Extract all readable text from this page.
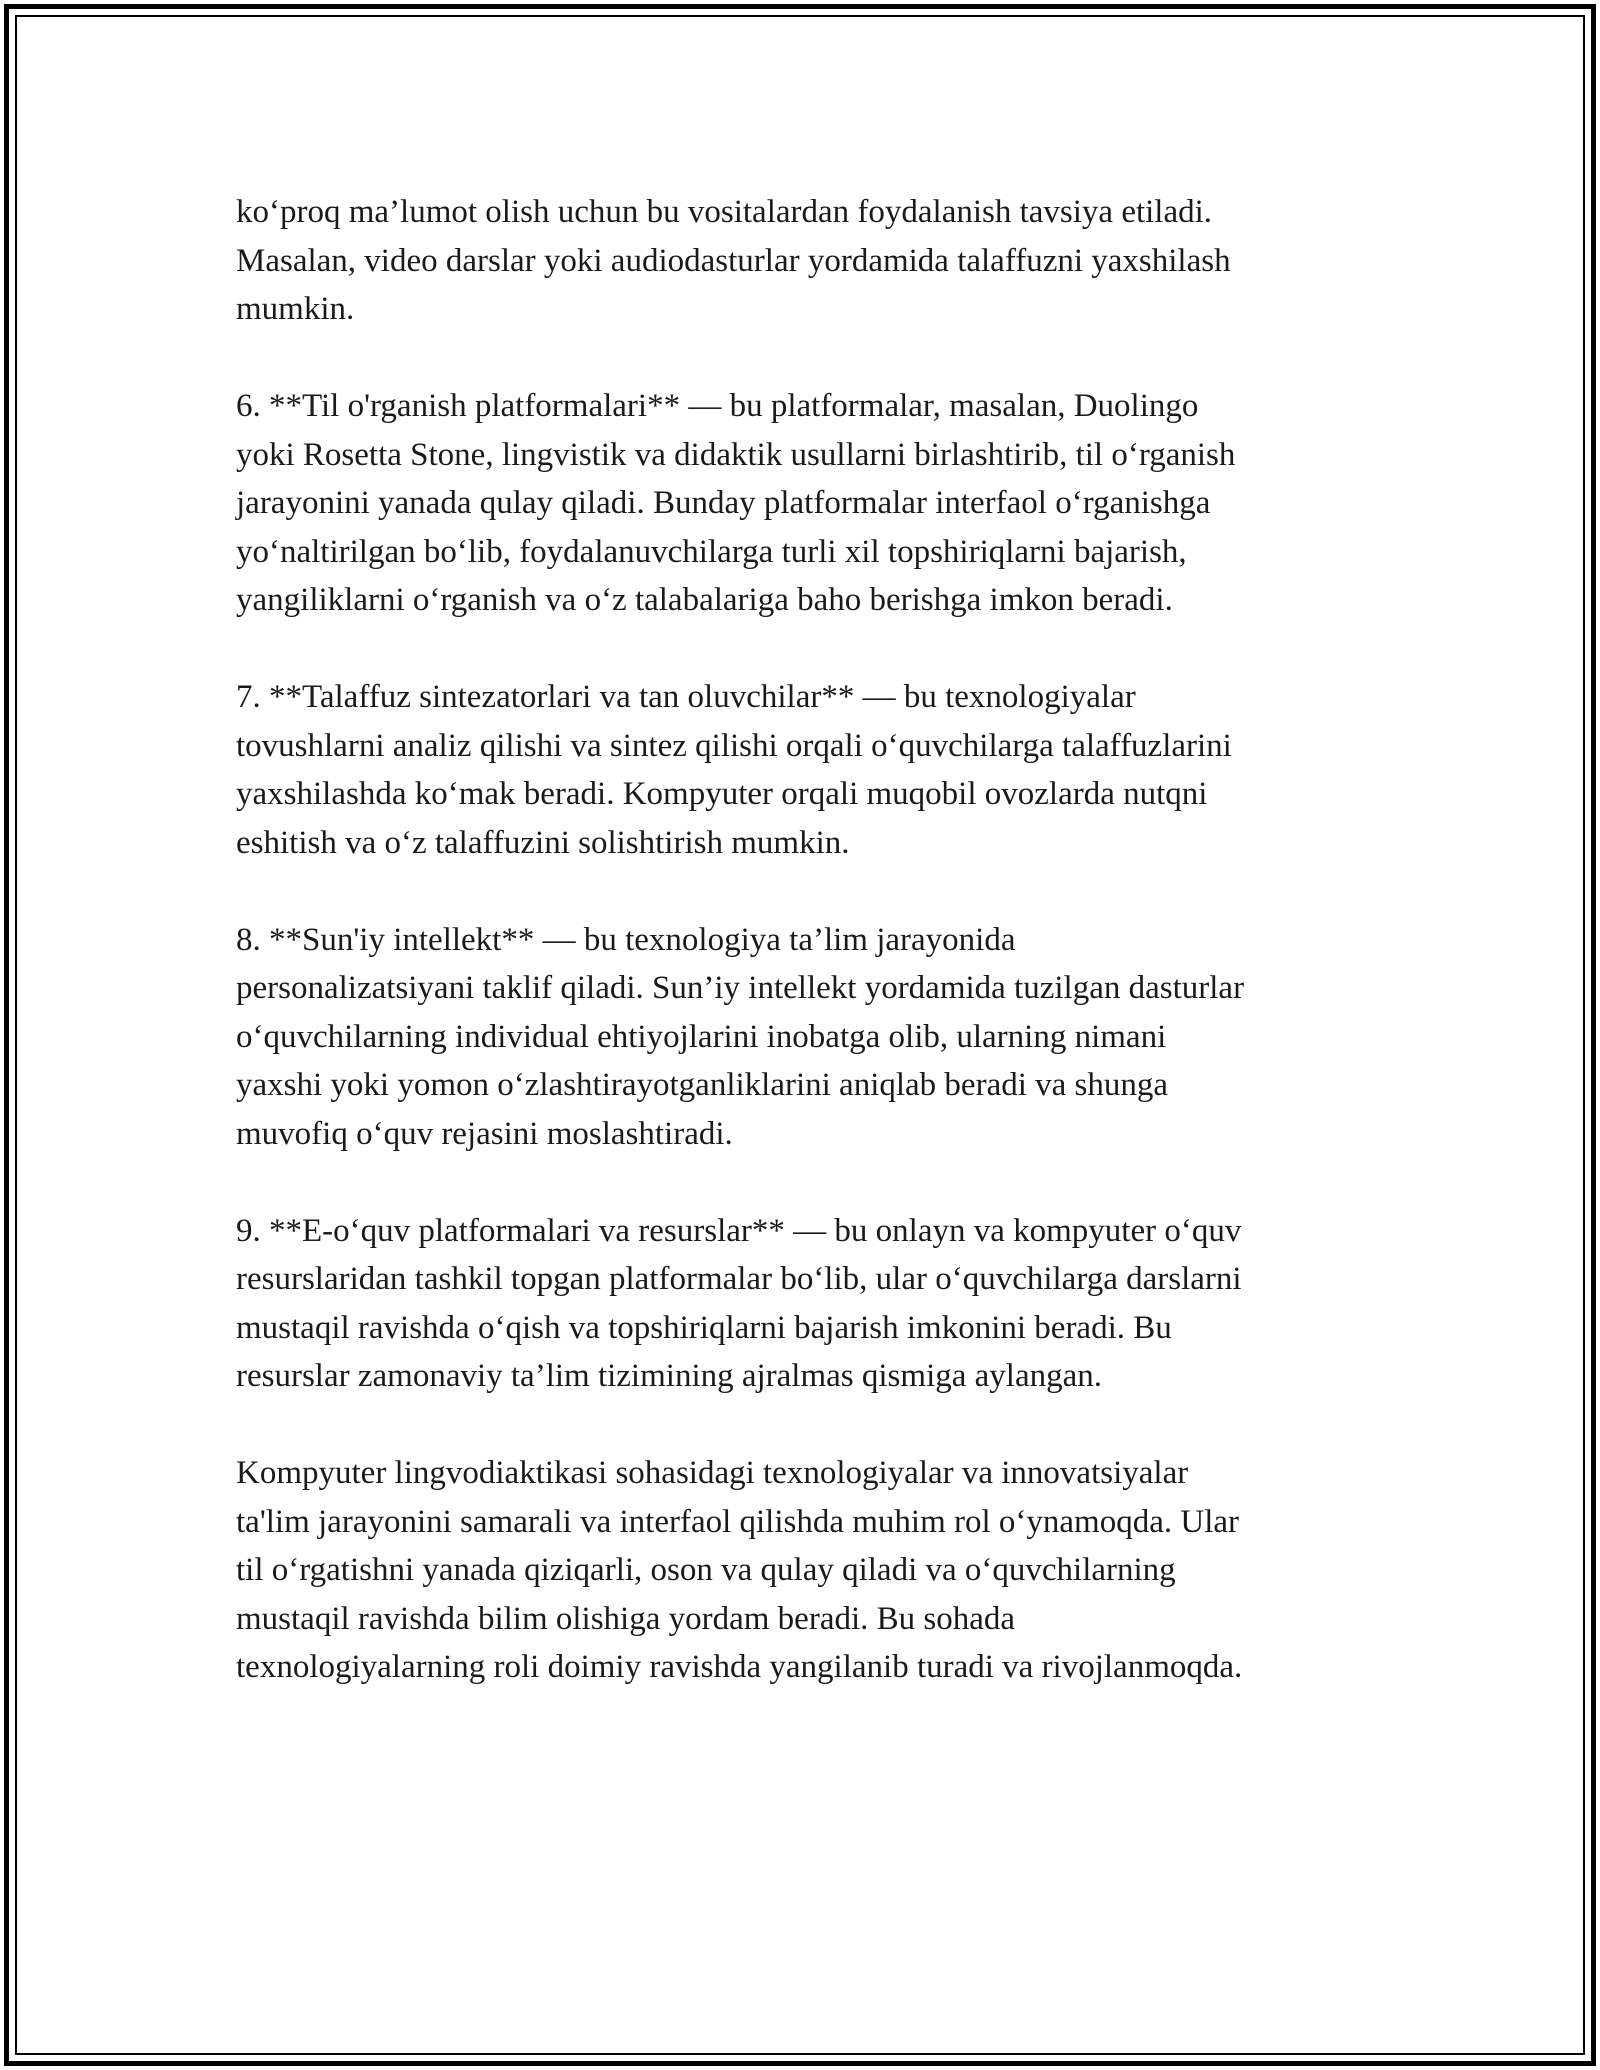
ko‘proq ma’lumot olish uchun bu vositalardan foydalanish tavsiya etiladi.
Masalan, video darslar yoki audiodasturlar yordamida talaffuzni yaxshilash
mumkin.

6. **Til o'rganish platformalari** — bu platformalar, masalan, Duolingo
yoki Rosetta Stone, lingvistik va didaktik usullarni birlashtirib, til o‘rganish
jarayonini yanada qulay qiladi. Bunday platformalar interfaol o‘rganishga
yo‘naltirilgan bo‘lib, foydalanuvchilarga turli xil topshiriqlarni bajarish,
yangiliklarni o‘rganish va o‘z talabalariga baho berishga imkon beradi.

7. **Talaffuz sintezatorlari va tan oluvchilar** — bu texnologiyalar
tovushlarni analiz qilishi va sintez qilishi orqali o‘quvchilarga talaffuzlarini
yaxshilashda ko‘mak beradi. Kompyuter orqali muqobil ovozlarda nutqni
eshitish va o‘z talaffuzini solishtirish mumkin.

8. **Sun'iy intellekt** — bu texnologiya ta’lim jarayonida
personalizatsiyani taklif qiladi. Sun’iy intellekt yordamida tuzilgan dasturlar
o‘quvchilarning individual ehtiyojlarini inobatga olib, ularning nimani
yaxshi yoki yomon o‘zlashtirayotganliklarini aniqlab beradi va shunga
muvofiq o‘quv rejasini moslashtiradi.

9. **E-o‘quv platformalari va resurslar** — bu onlayn va kompyuter o‘quv
resurslaridan tashkil topgan platformalar bo‘lib, ular o‘quvchilarga darslarni
mustaqil ravishda o‘qish va topshiriqlarni bajarish imkonini beradi. Bu
resurslar zamonaviy ta’lim tizimining ajralmas qismiga aylangan.

Kompyuter lingvodiaktikasi sohasidagi texnologiyalar va innovatsiyalar
ta'lim jarayonini samarali va interfaol qilishda muhim rol o‘ynamoqda. Ular
til o‘rgatishni yanada qiziqarli, oson va qulay qiladi va o‘quvchilarning
mustaqil ravishda bilim olishiga yordam beradi. Bu sohada
texnologiyalarning roli doimiy ravishda yangilanib turadi va rivojlanmoqda.
